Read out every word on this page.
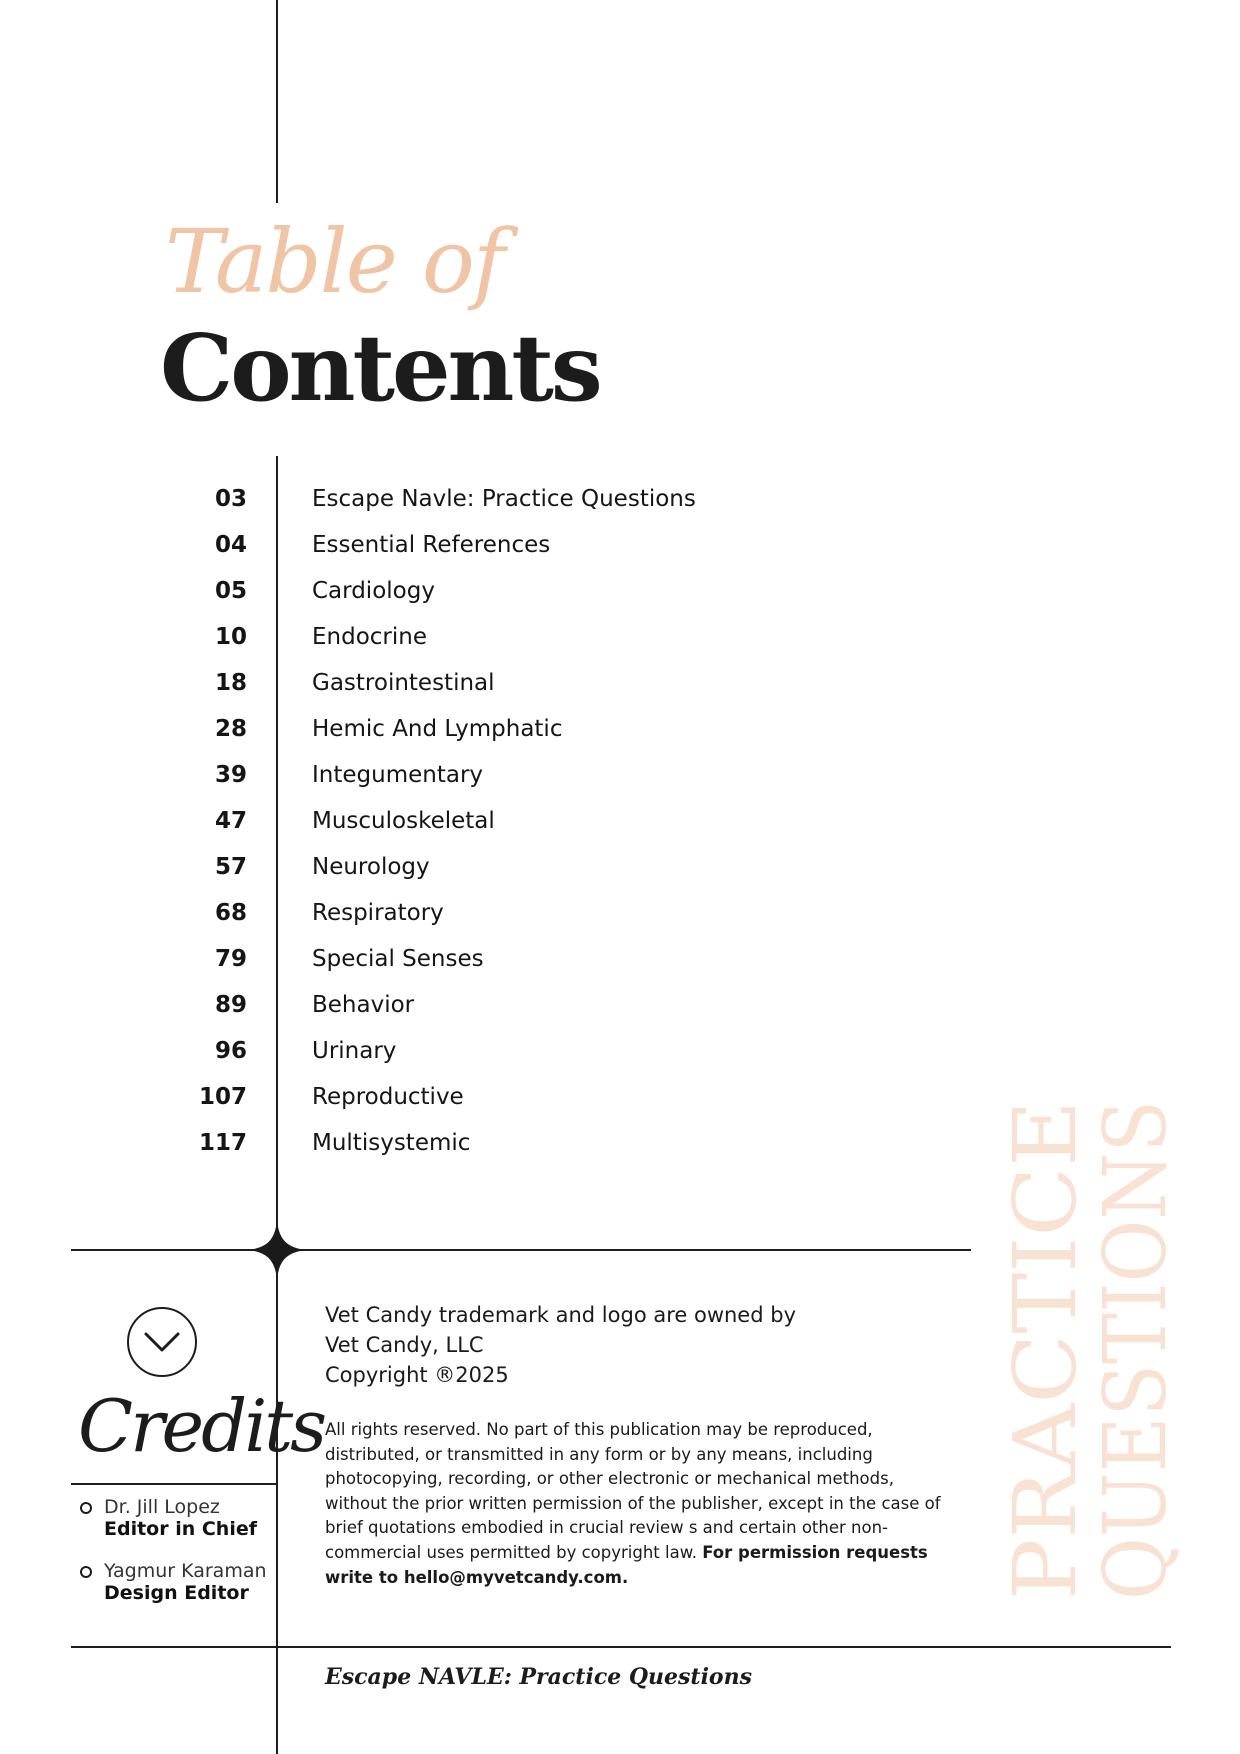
Table of
Contents
03	Escape Navle: Practice Questions
04	Essential References
05	Cardiology
10	Endocrine
18	Gastrointestinal
28	Hemic And Lymphatic
39	Integumentary
47	Musculoskeletal
57	Neurology
68	Respiratory
79	Special Senses
89	Behavior
96	Urinary
107	Reproductive
117	Multisystemic
Credits
Dr. Jill Lopez
Editor in Chief
Yagmur Karaman
Design Editor
Vet Candy trademark and logo are owned by
Vet Candy, LLC
Copyright ®2025
All rights reserved. No part of this publication may be reproduced, distributed, or transmitted in any form or by any means, including photocopying, recording, or other electronic or mechanical methods, without the prior written permission of the publisher, except in the case of brief quotations embodied in crucial review s and certain other non-commercial uses permitted by copyright law. For permission requests write to hello@myvetcandy.com.	PRACTICE
QUESTIONS
Escape NAVLE: Practice Questions
